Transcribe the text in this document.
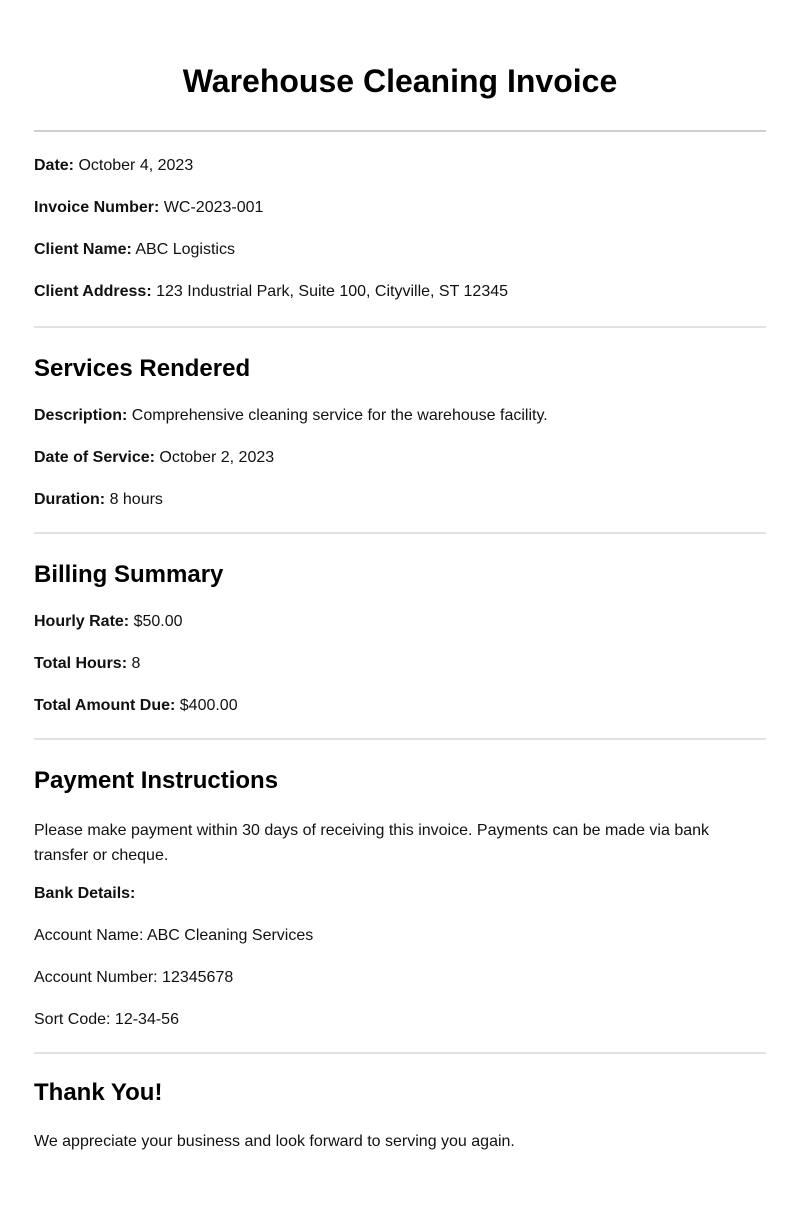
Warehouse Cleaning Invoice

Date: October 4, 2023

Invoice Number: WC-2023-001

Client Name: ABC Logistics

Client Address: 123 Industrial Park, Suite 100, Cityville, ST 12345

Services Rendered

Description: Comprehensive cleaning service for the warehouse facility.

Date of Service: October 2, 2023

Duration: 8 hours

Billing Summary

Hourly Rate: $50.00

Total Hours: 8

Total Amount Due: $400.00

Payment Instructions

Please make payment within 30 days of receiving this invoice. Payments can be made via bank transfer or cheque.

Bank Details:

Account Name: ABC Cleaning Services

Account Number: 12345678

Sort Code: 12-34-56

Thank You!

We appreciate your business and look forward to serving you again.
